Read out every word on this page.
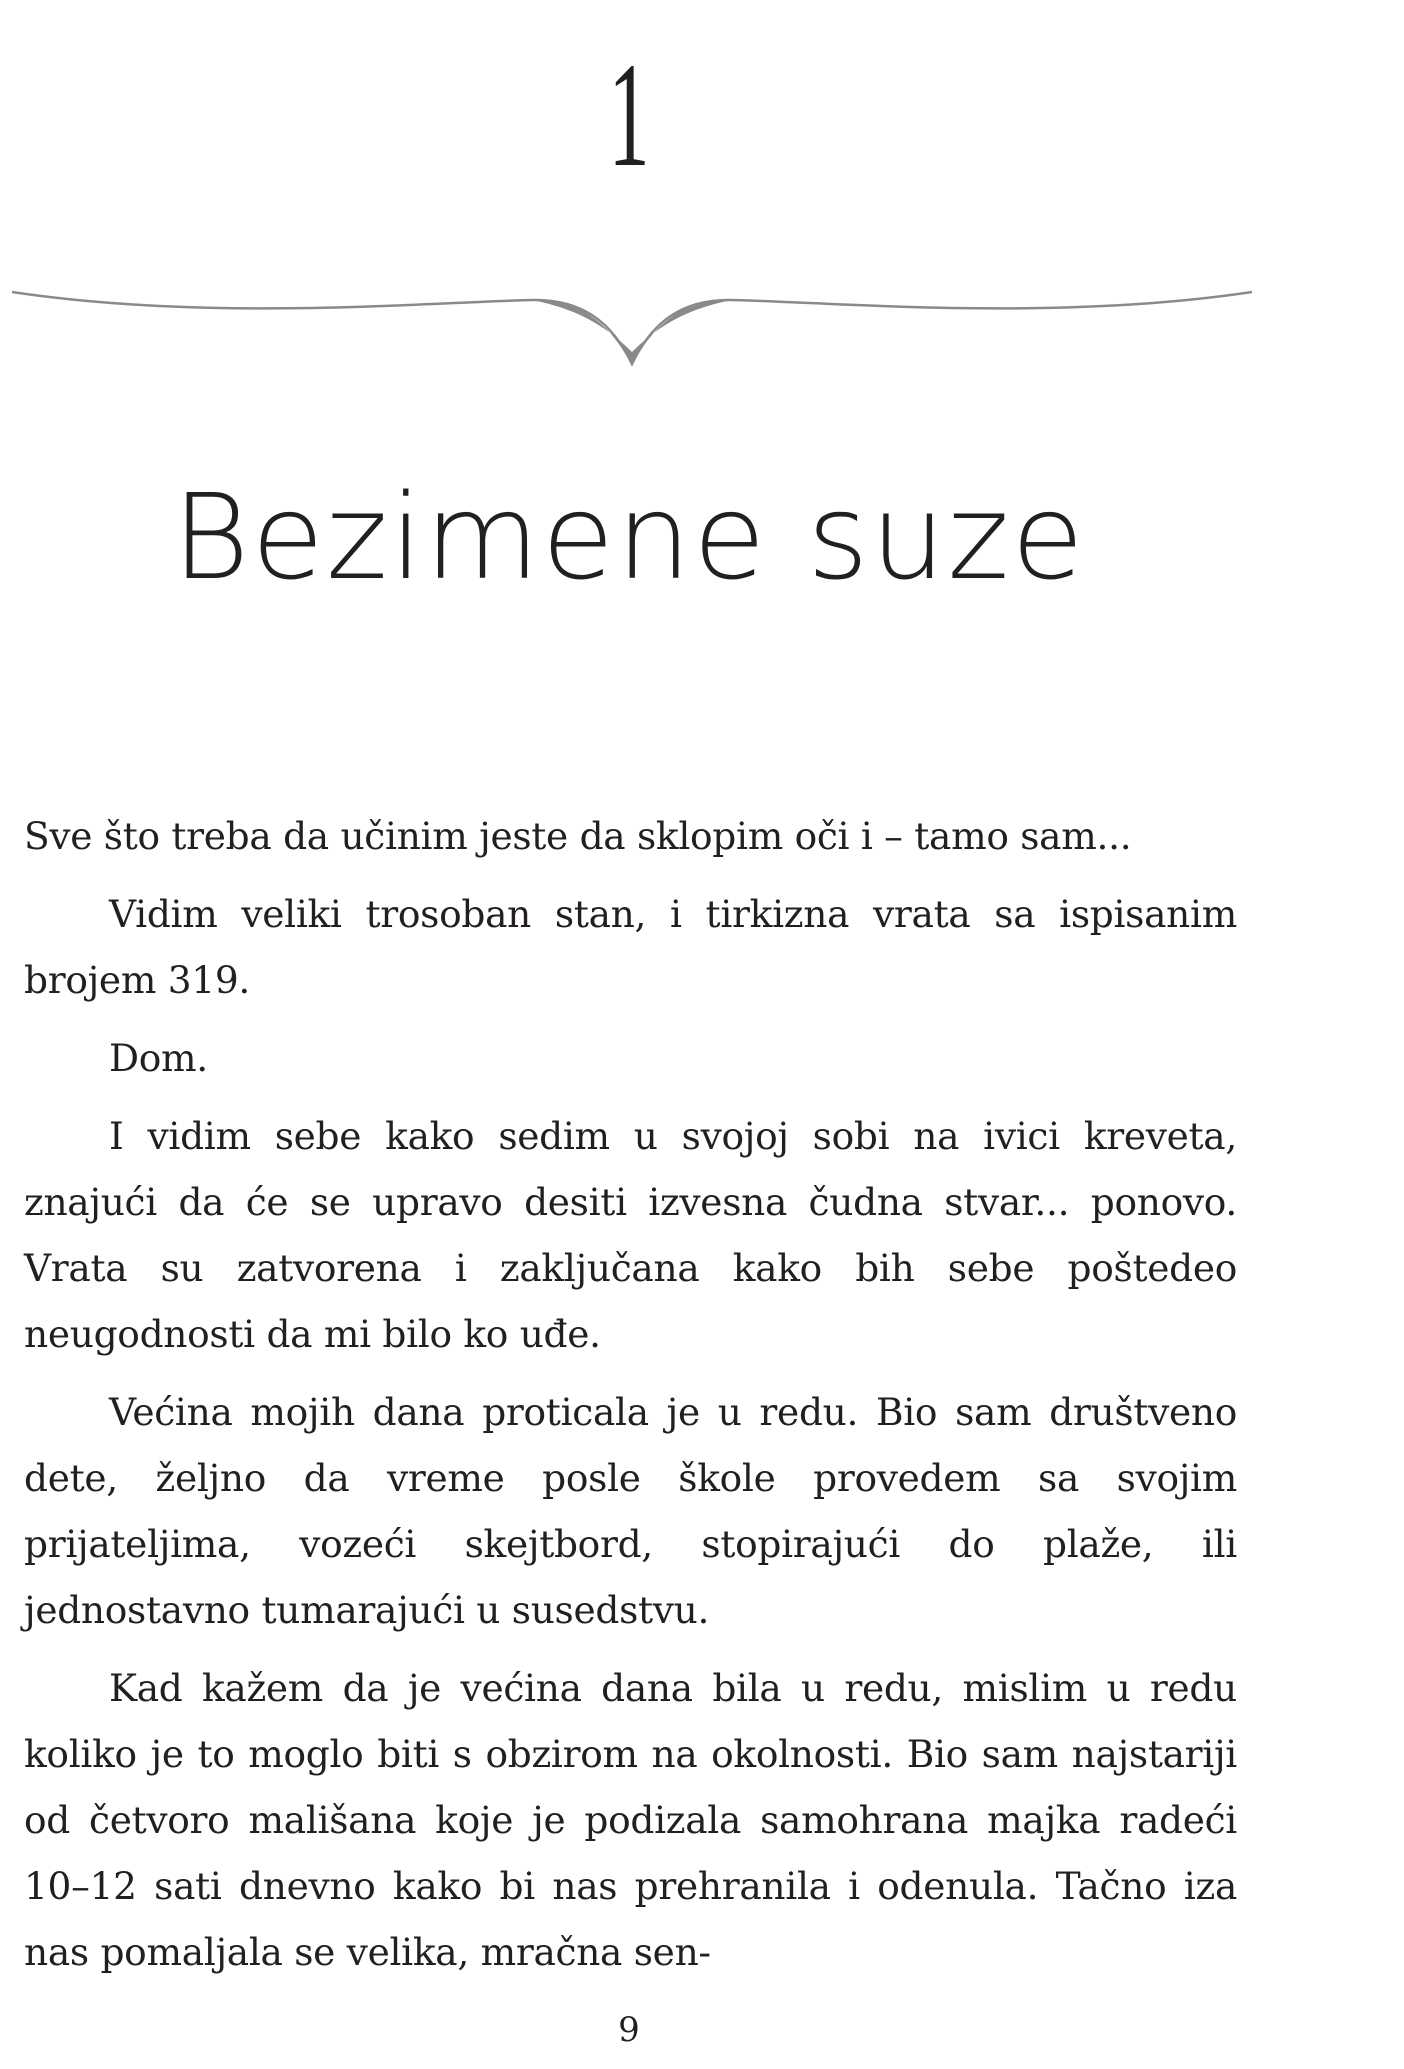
1
Bezimene suze

Sve što treba da učinim jeste da sklopim oči i – tamo sam...

Vidim veliki trosoban stan, i tirkizna vrata sa ispisanim brojem 319.

Dom.

I vidim sebe kako sedim u svojoj sobi na ivici kreveta, znajući da će se upravo desiti izvesna čudna stvar... ponovo. Vrata su zatvorena i zaključana kako bih sebe poštedeo neugodnosti da mi bilo ko uđe.

Većina mojih dana proticala je u redu. Bio sam društveno dete, željno da vreme posle škole provedem sa svojim prijateljima, vozeći skejtbord, stopirajući do plaže, ili jednostavno tumarajući u susedstvu.

Kad kažem da je većina dana bila u redu, mislim u redu koliko je to moglo biti s obzirom na okolnosti. Bio sam najstariji od četvoro mališana koje je podizala samohrana majka radeći 10–12 sati dnevno kako bi nas prehranila i odenula. Tačno iza nas pomaljala se velika, mračna sen-

9
